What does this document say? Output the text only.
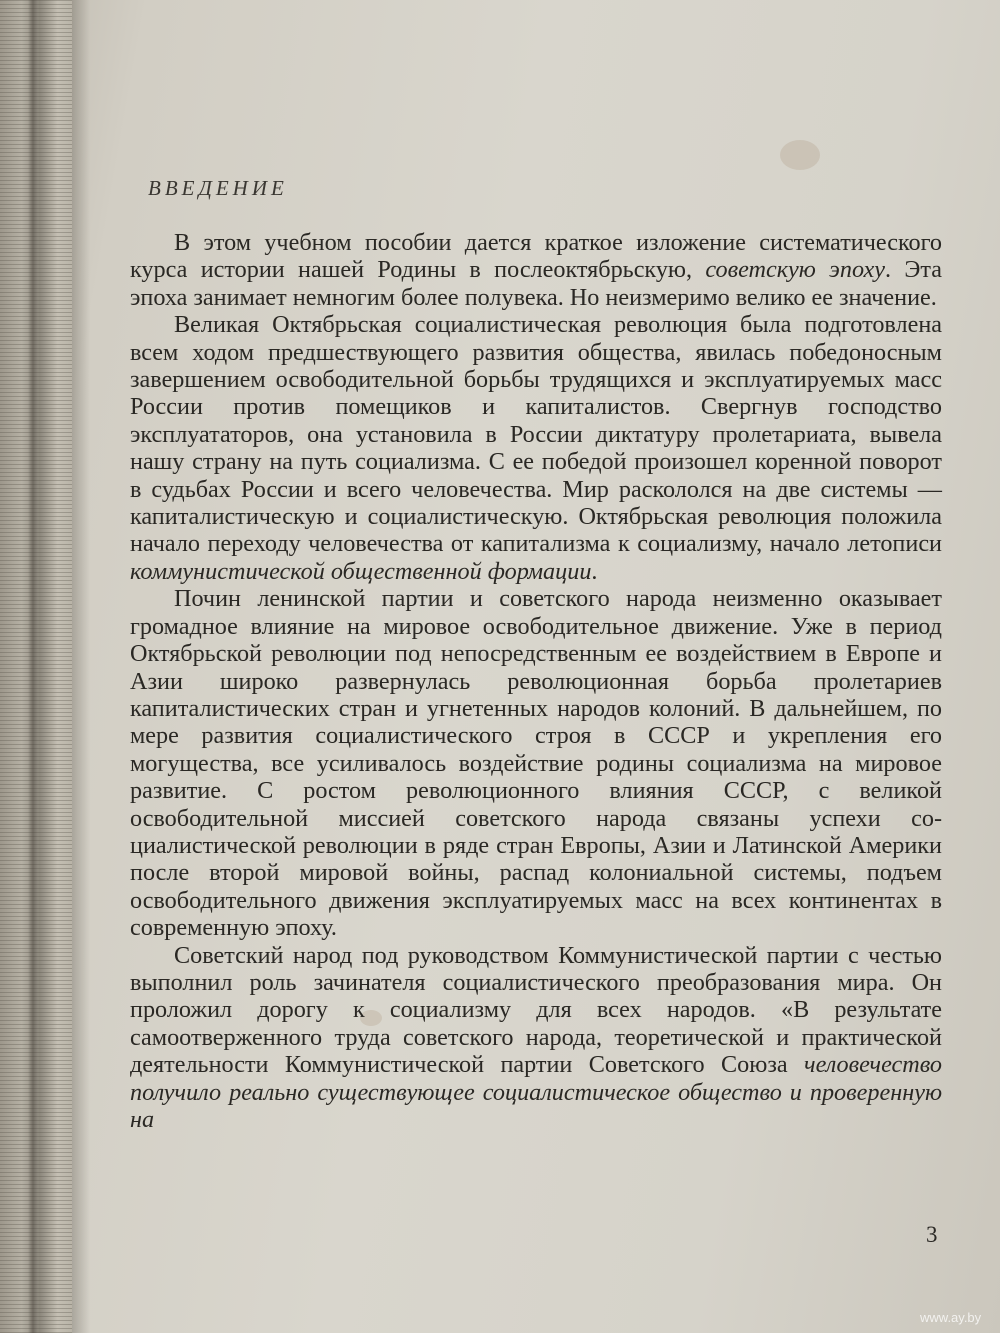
ВВЕДЕНИЕ

В этом учебном пособии дается краткое изложение систематического курса истории нашей Родины в послеоктябрьскую, советскую эпоху. Эта эпоха занимает немногим более полувека. Но неизмеримо велико ее значение.

Великая Октябрьская социалистическая революция была подготовлена всем ходом предшествующего развития общества, явилась победоносным завершением освободительной борьбы трудящихся и эксплуатируемых масс России против помещиков и капиталистов. Свергнув господство эксплуататоров, она установила в России диктатуру пролетариата, вывела нашу страну на путь социализма. С ее победой произошел коренной поворот в судьбах России и всего человечества. Мир раскололся на две системы — капиталистическую и социалистическую. Октябрьская революция положила начало переходу человечества от капитализма к социализму, начало летописи коммунистической общественной формации.

Почин ленинской партии и советского народа неизменно оказывает громадное влияние на мировое освободительное движение. Уже в период Октябрьской революции под непосредственным ее воздействием в Европе и Азии широко развернулась революционная борьба пролетариев капиталистических стран и угнетенных народов колоний. В дальнейшем, по мере развития социалистического строя в СССР и укрепления его могущества, все усиливалось воздействие родины социализма на мировое развитие. С ростом революционного влияния СССР, с великой освободительной миссией советского народа связаны успехи социалистической революции в ряде стран Европы, Азии и Латинской Америки после второй мировой войны, распад колониальной системы, подъем освободительного движения эксплуатируемых масс на всех континентах в современную эпоху.

Советский народ под руководством Коммунистической партии с честью выполнил роль зачинателя социалистического преобразования мира. Он проложил дорогу к социализму для всех народов. «В результате самоотверженного труда советского народа, теоретической и практической деятельности Коммунистической партии Советского Союза человечество получило реально существующее социалистическое общество и проверенную на

3
www.ay.by
